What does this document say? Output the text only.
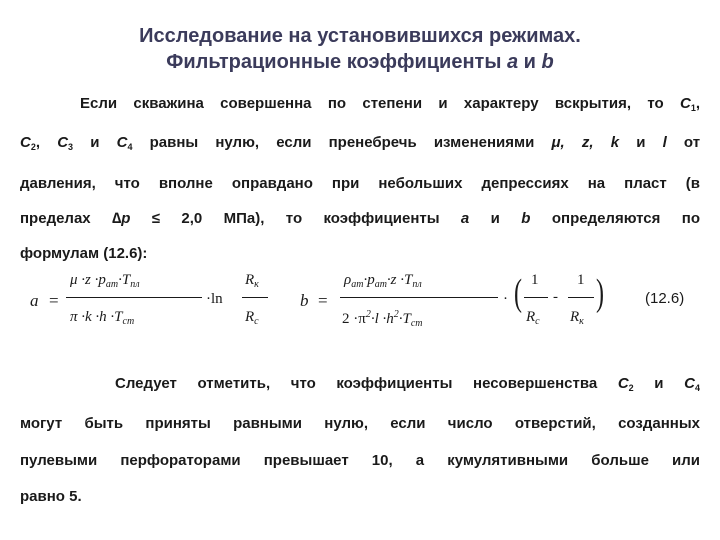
Исследование на установившихся режимах.
Фильтрационные коэффициенты a и b
Если скважина совершенна по степени и характеру вскрытия, то $C_1$,
$C_2$, $C_3$ и $C_4$ равны нулю, если пренебречь изменениями μ, z, k и l от
давления, что вполне оправдано при небольших депрессиях на пласт (в
пределах ∆p ≤ 2,0 МПа), то коэффициенты a и b определяются по
формулам (12.6):
a =
$\mu \cdot z \cdot p_{ат}\cdot T_{пл}$
$\pi \cdot k \cdot h \cdot T_{ст}$
·ln
$R_к$
$R_с$
b =
$\rho_{ат}\cdot p_{ат}\cdot z \cdot T_{пл}$
$2 \cdot\pi^2\cdot l \cdot h^2\cdot T_{ст}$
· ( 1
$R_с$
-
1
$R_к$
)	(12.6)
Следует отметить, что коэффициенты несовершенства $C_2$ и $C_4$
могут быть приняты равными нулю, если число отверстий, созданных
пулевыми перфораторами превышает 10, а кумулятивными больше или
равно 5.
